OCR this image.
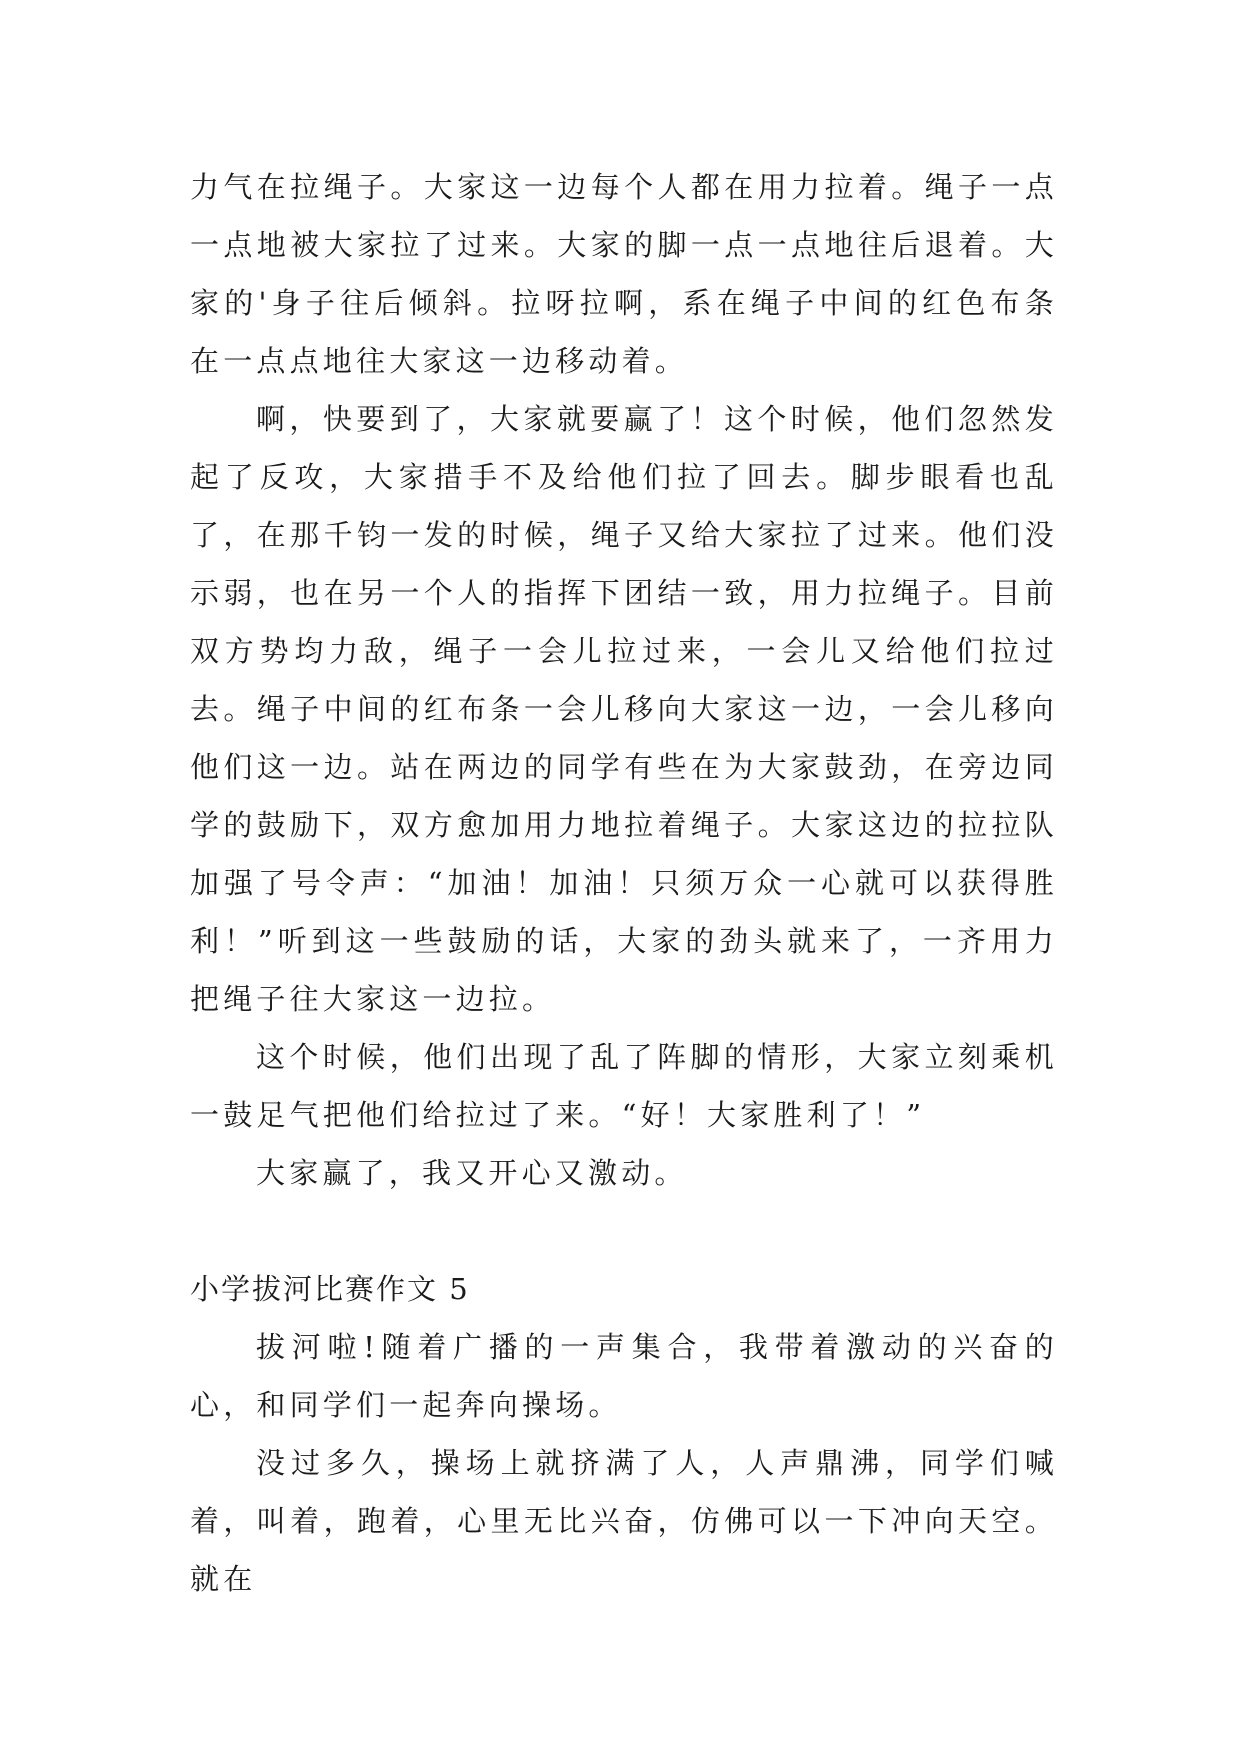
力气在拉绳子。大家这一边每个人都在用力拉着。绳子一点一点地被大家拉了过来。大家的脚一点一点地往后退着。大家的'身子往后倾斜。拉呀拉啊，系在绳子中间的红色布条在一点点地往大家这一边移动着。

啊，快要到了，大家就要赢了！这个时候，他们忽然发起了反攻，大家措手不及给他们拉了回去。脚步眼看也乱了，在那千钧一发的时候，绳子又给大家拉了过来。他们没示弱，也在另一个人的指挥下团结一致，用力拉绳子。目前双方势均力敌，绳子一会儿拉过来，一会儿又给他们拉过去。绳子中间的红布条一会儿移向大家这一边，一会儿移向他们这一边。站在两边的同学有些在为大家鼓劲，在旁边同学的鼓励下，双方愈加用力地拉着绳子。大家这边的拉拉队加强了号令声：“加油！加油！只须万众一心就可以获得胜利！”听到这一些鼓励的话，大家的劲头就来了，一齐用力把绳子往大家这一边拉。

这个时候，他们出现了乱了阵脚的情形，大家立刻乘机一鼓足气把他们给拉过了来。“好！大家胜利了！”

大家赢了，我又开心又激动。

小学拔河比赛作文 5

拔河啦!随着广播的一声集合，我带着激动的兴奋的心，和同学们一起奔向操场。

没过多久，操场上就挤满了人，人声鼎沸，同学们喊着，叫着，跑着，心里无比兴奋，仿佛可以一下冲向天空。就在
